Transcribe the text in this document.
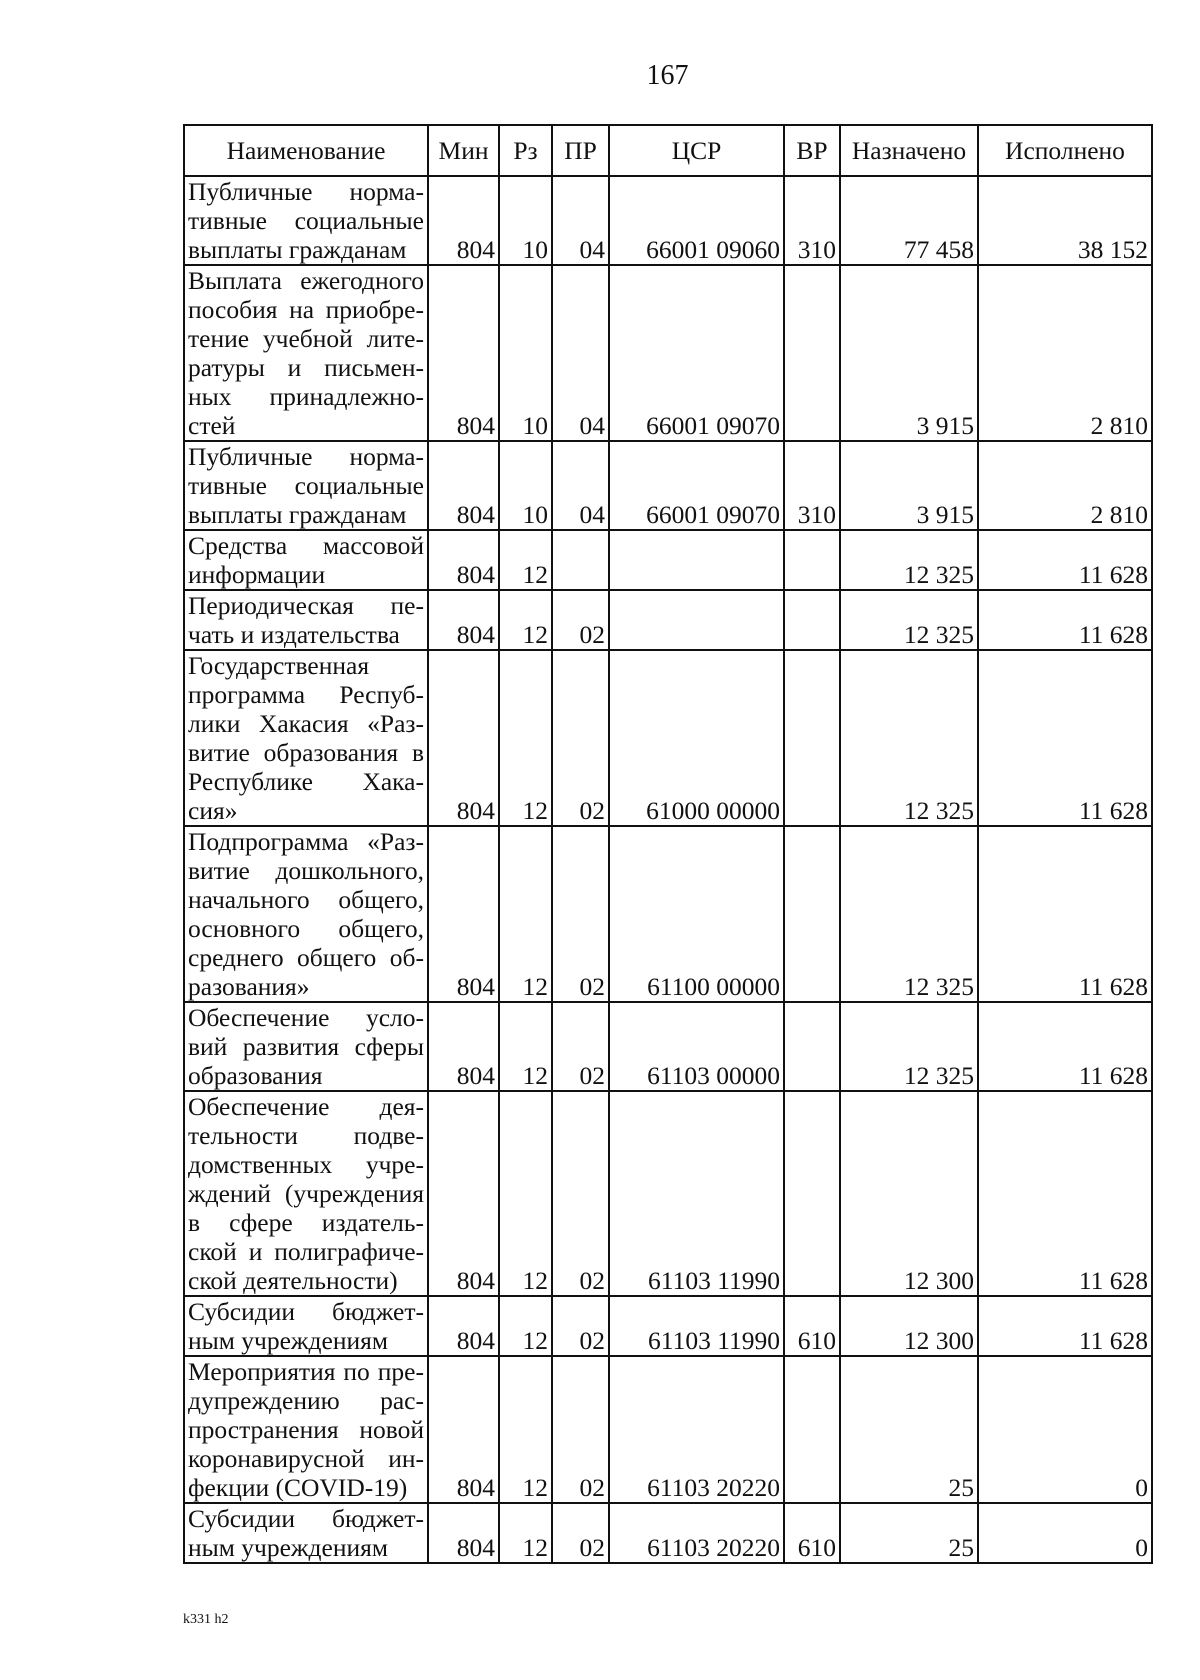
167
Наименование	Мин	Рз	ПР	ЦСР	ВР	Назначено	Исполнено
Публичные норма-тивные социальные выплаты гражданам	804	10	04	66001 09060	310	77 458	38 152
Выплата ежегодного пособия на приобре-тение учебной лите-ратуры и письмен-ных принадлежно-стей	804	10	04	66001 09070		3 915	2 810
Публичные норма-тивные социальные выплаты гражданам	804	10	04	66001 09070	310	3 915	2 810
Средства массовой информации	804	12				12 325	11 628
Периодическая пе-чать и издательства	804	12	02			12 325	11 628
Государственная программа Респуб-лики Хакасия «Раз-витие образования в Республике Хака-сия»	804	12	02	61000 00000		12 325	11 628
Подпрограмма «Раз-витие дошкольного, начального общего, основного общего, среднего общего об-разования»	804	12	02	61100 00000		12 325	11 628
Обеспечение усло-вий развития сферы образования	804	12	02	61103 00000		12 325	11 628
Обеспечение дея-тельности подве-домственных учре-ждений (учреждения в сфере издатель-ской и полиграфиче-ской деятельности)	804	12	02	61103 11990		12 300	11 628
Субсидии бюджет-ным учреждениям	804	12	02	61103 11990	610	12 300	11 628
Мероприятия по пре-дупреждению рас-пространения новой коронавирусной ин-фекции (COVID-19)	804	12	02	61103 20220		25	0
Субсидии бюджет-ным учреждениям	804	12	02	61103 20220	610	25	0
k331 h2
